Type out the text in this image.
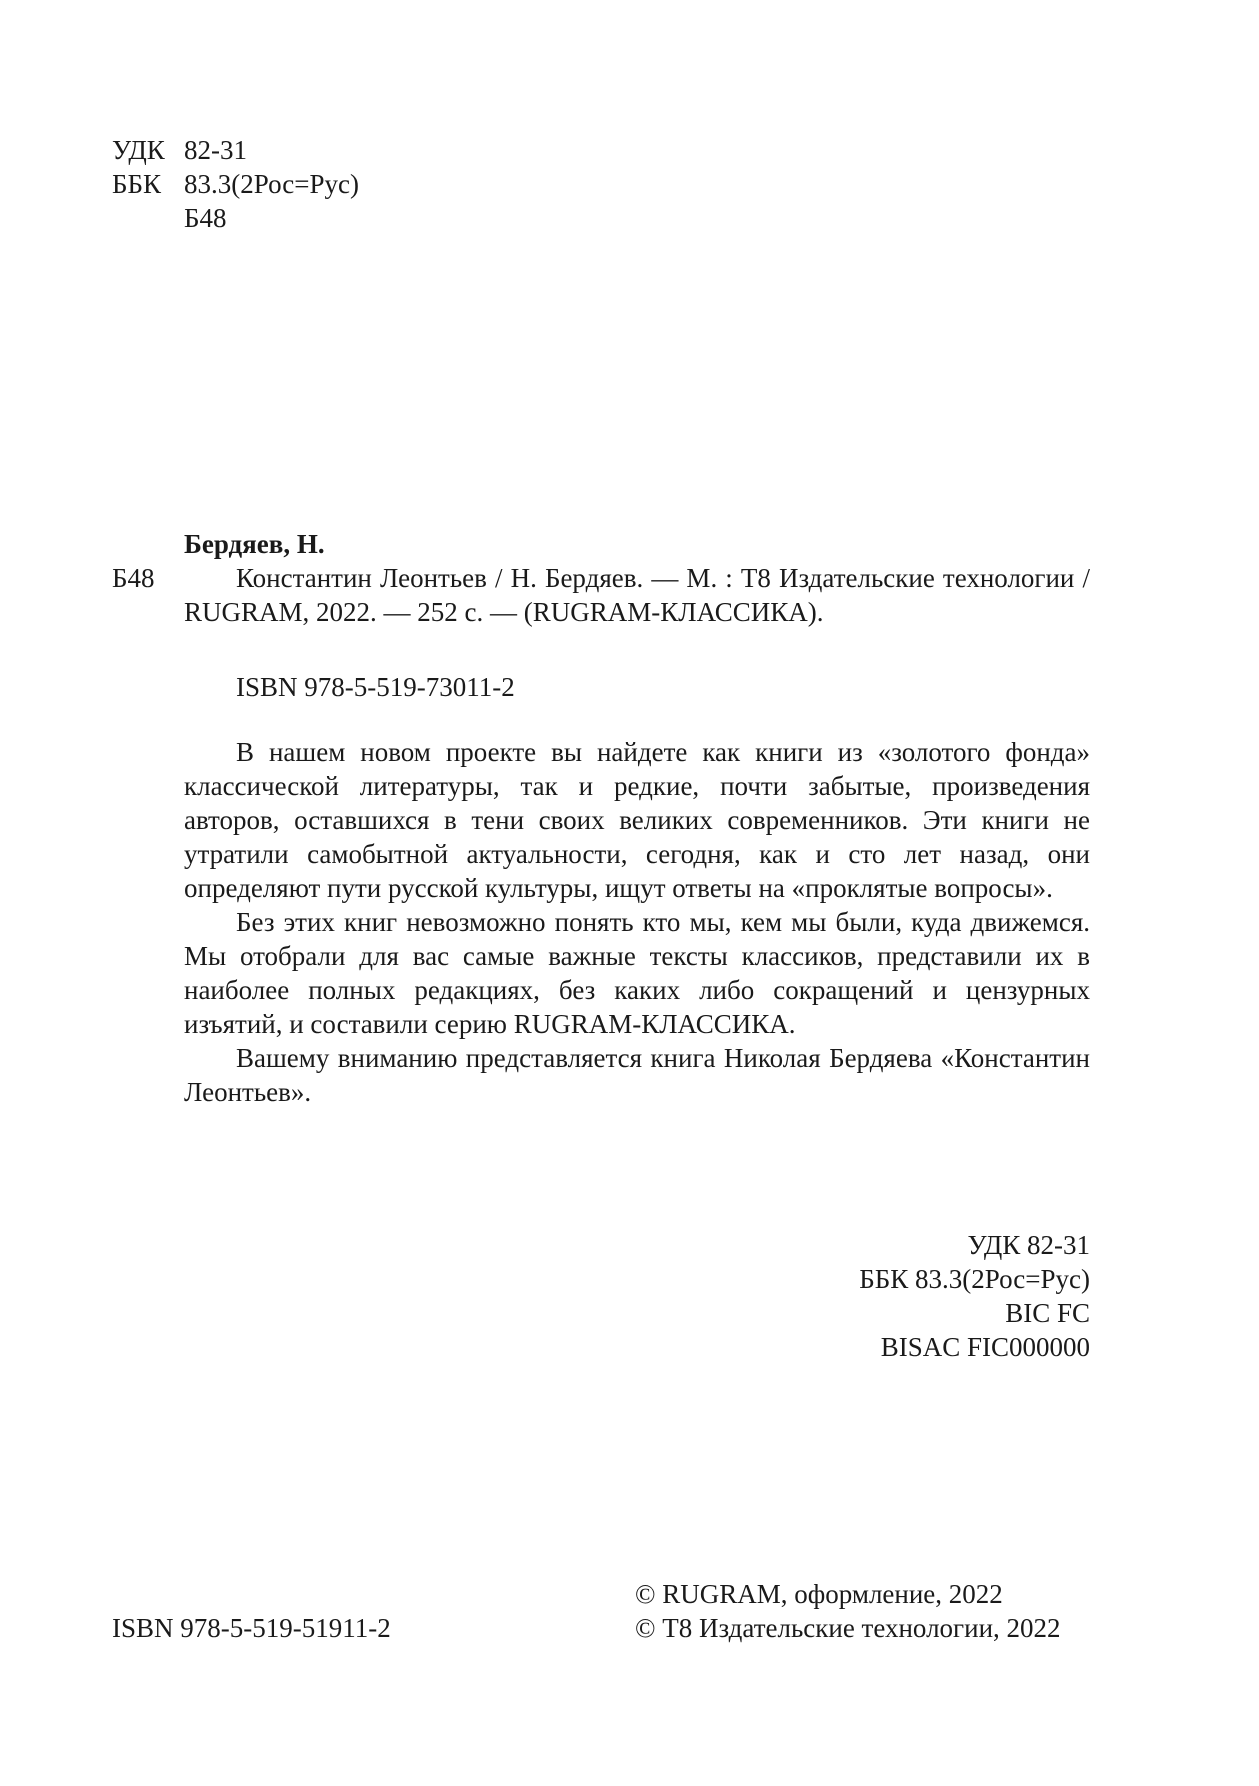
УДК 82-31
ББК 83.3(2Рос=Рус)
Б48
Бердяев, Н.
Б48	Константин Леонтьев / Н. Бердяев. — М. : Т8 Издательские технологии / RUGRAM, 2022. — 252 с. — (RUGRAM-КЛАССИКА).
ISBN 978-5-519-73011-2

В нашем новом проекте вы найдете как книги из «золотого фонда» классической литературы, так и редкие, почти забытые, произведения авторов, оставшихся в тени своих великих современников. Эти книги не утратили самобытной актуальности, сегодня, как и сто лет назад, они определяют пути русской культуры, ищут ответы на «проклятые вопросы».

Без этих книг невозможно понять кто мы, кем мы были, куда движемся. Мы отобрали для вас самые важные тексты классиков, представили их в наиболее полных редакциях, без каких либо сокращений и цензурных изъятий, и составили серию RUGRAM-КЛАССИКА.

Вашему вниманию представляется книга Николая Бердяева «Константин Леонтьев».

УДК 82-31
ББК 83.3(2Рос=Рус)
BIC FC
BISAC FIC000000
ISBN 978-5-519-51911-2
© RUGRAM, оформление, 2022
© Т8 Издательские технологии, 2022
